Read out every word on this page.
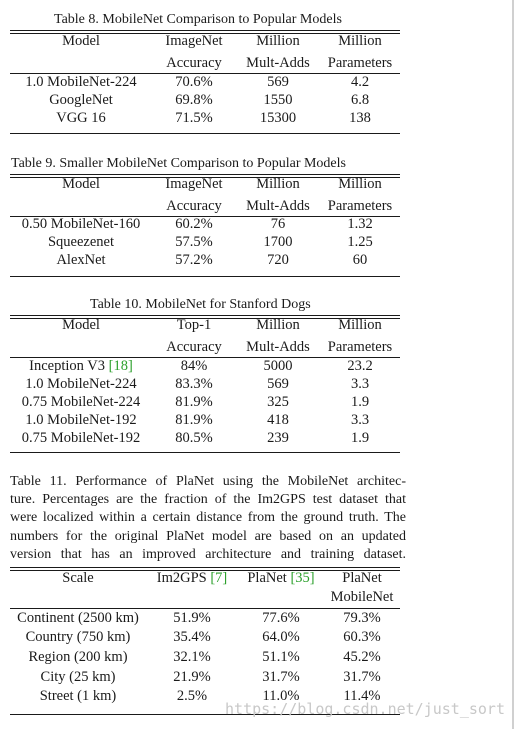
Table 8. MobileNet Comparison to Popular Models
Model	ImageNet	Million	Million
Accuracy	Mult-Adds	Parameters
1.0 MobileNet-224	70.6%	569	4.2
GoogleNet	69.8%	1550	6.8
VGG 16	71.5%	15300	138
Table 9. Smaller MobileNet Comparison to Popular Models
Model	ImageNet	Million	Million
Accuracy	Mult-Adds	Parameters
0.50 MobileNet-160	60.2%	76	1.32
Squeezenet	57.5%	1700	1.25
AlexNet	57.2%	720	60
Table 10. MobileNet for Stanford Dogs
Model	Top-1	Million	Million
Accuracy	Mult-Adds	Parameters
Inception V3 [18]	84%	5000	23.2
1.0 MobileNet-224	83.3%	569	3.3
0.75 MobileNet-224	81.9%	325	1.9
1.0 MobileNet-192	81.9%	418	3.3
0.75 MobileNet-192	80.5%	239	1.9
Table 11. Performance of PlaNet using the MobileNet architec-
ture. Percentages are the fraction of the Im2GPS test dataset that
were localized within a certain distance from the ground truth. The
numbers for the original PlaNet model are based on an updated
version that has an improved architecture and training dataset.
Scale	Im2GPS [7]	PlaNet [35]	PlaNet
MobileNet
Continent (2500 km)	51.9%	77.6%	79.3%
Country (750 km)	35.4%	64.0%	60.3%
Region (200 km)	32.1%	51.1%	45.2%
City (25 km)	21.9%	31.7%	31.7%
Street (1 km)	2.5%	11.0%	11.4%
https://blog.csdn.net/just_sort
